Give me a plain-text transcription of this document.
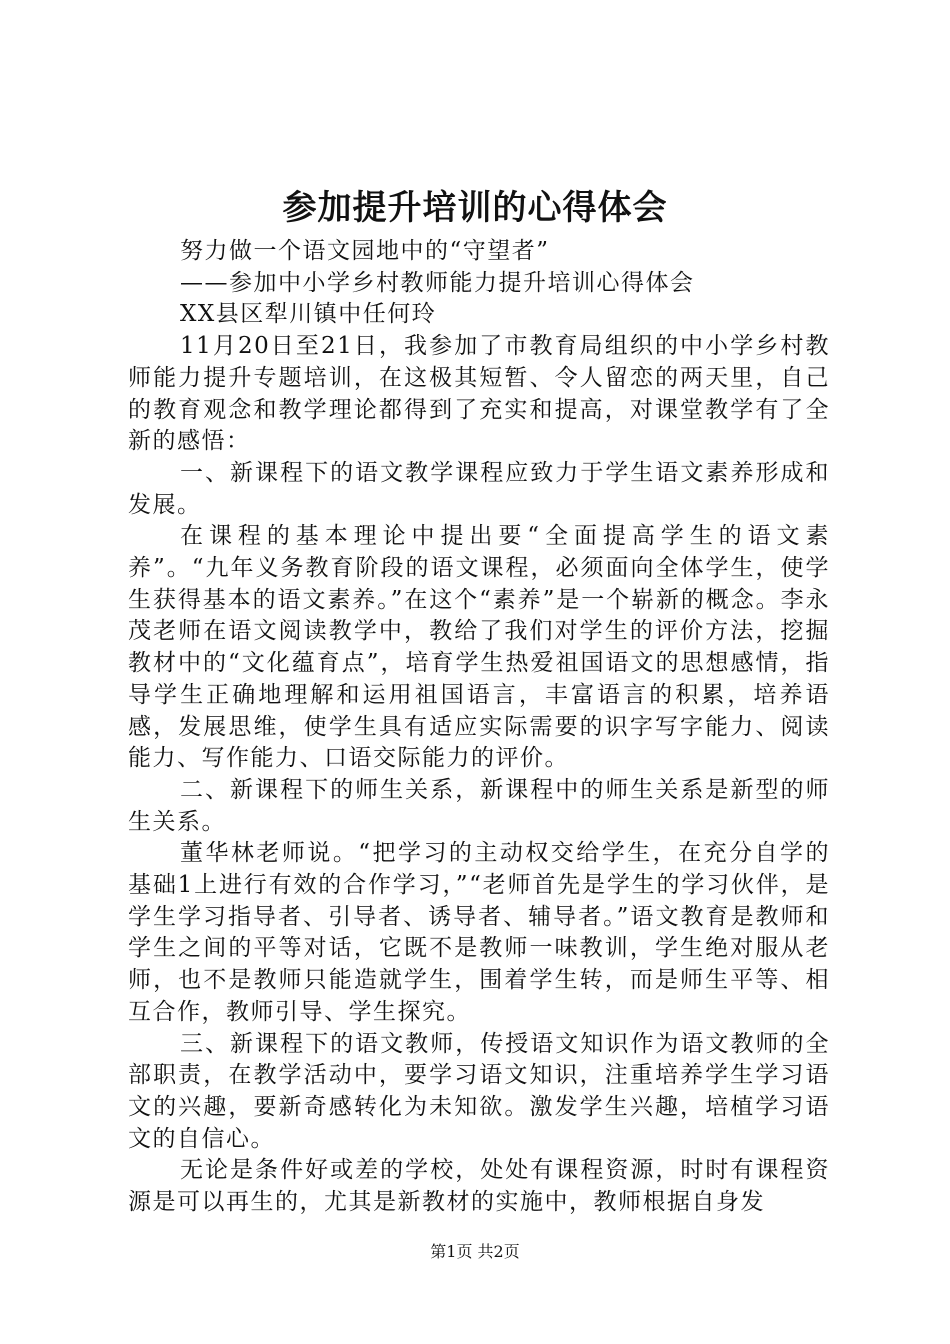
参加提升培训的心得体会

努力做一个语文园地中的“守望者”

——参加中小学乡村教师能力提升培训心得体会

XX县区犁川镇中任何玲

11月20日至21日，我参加了市教育局组织的中小学乡村教师能力提升专题培训，在这极其短暂、令人留恋的两天里，自己的教育观念和教学理论都得到了充实和提高，对课堂教学有了全新的感悟：

一、新课程下的语文教学课程应致力于学生语文素养形成和发展。

在课程的基本理论中提出要“全面提高学生的语文素养”。“九年义务教育阶段的语文课程，必须面向全体学生，使学生获得基本的语文素养。”在这个“素养”是一个崭新的概念。李永茂老师在语文阅读教学中，教给了我们对学生的评价方法，挖掘教材中的“文化蕴育点”，培育学生热爱祖国语文的思想感情，指导学生正确地理解和运用祖国语言，丰富语言的积累，培养语感，发展思维，使学生具有适应实际需要的识字写字能力、阅读能力、写作能力、口语交际能力的评价。

二、新课程下的师生关系，新课程中的师生关系是新型的师生关系。

董华林老师说。“把学习的主动权交给学生，在充分自学的基础1上进行有效的合作学习，”“老师首先是学生的学习伙伴，是学生学习指导者、引导者、诱导者、辅导者。”语文教育是教师和学生之间的平等对话，它既不是教师一味教训，学生绝对服从老师，也不是教师只能造就学生，围着学生转，而是师生平等、相互合作，教师引导、学生探究。

三、新课程下的语文教师，传授语文知识作为语文教师的全部职责，在教学活动中，要学习语文知识，注重培养学生学习语文的兴趣，要新奇感转化为未知欲。激发学生兴趣，培植学习语文的自信心。

无论是条件好或差的学校，处处有课程资源，时时有课程资源是可以再生的，尤其是新教材的实施中，教师根据自身发

第1页 共2页
